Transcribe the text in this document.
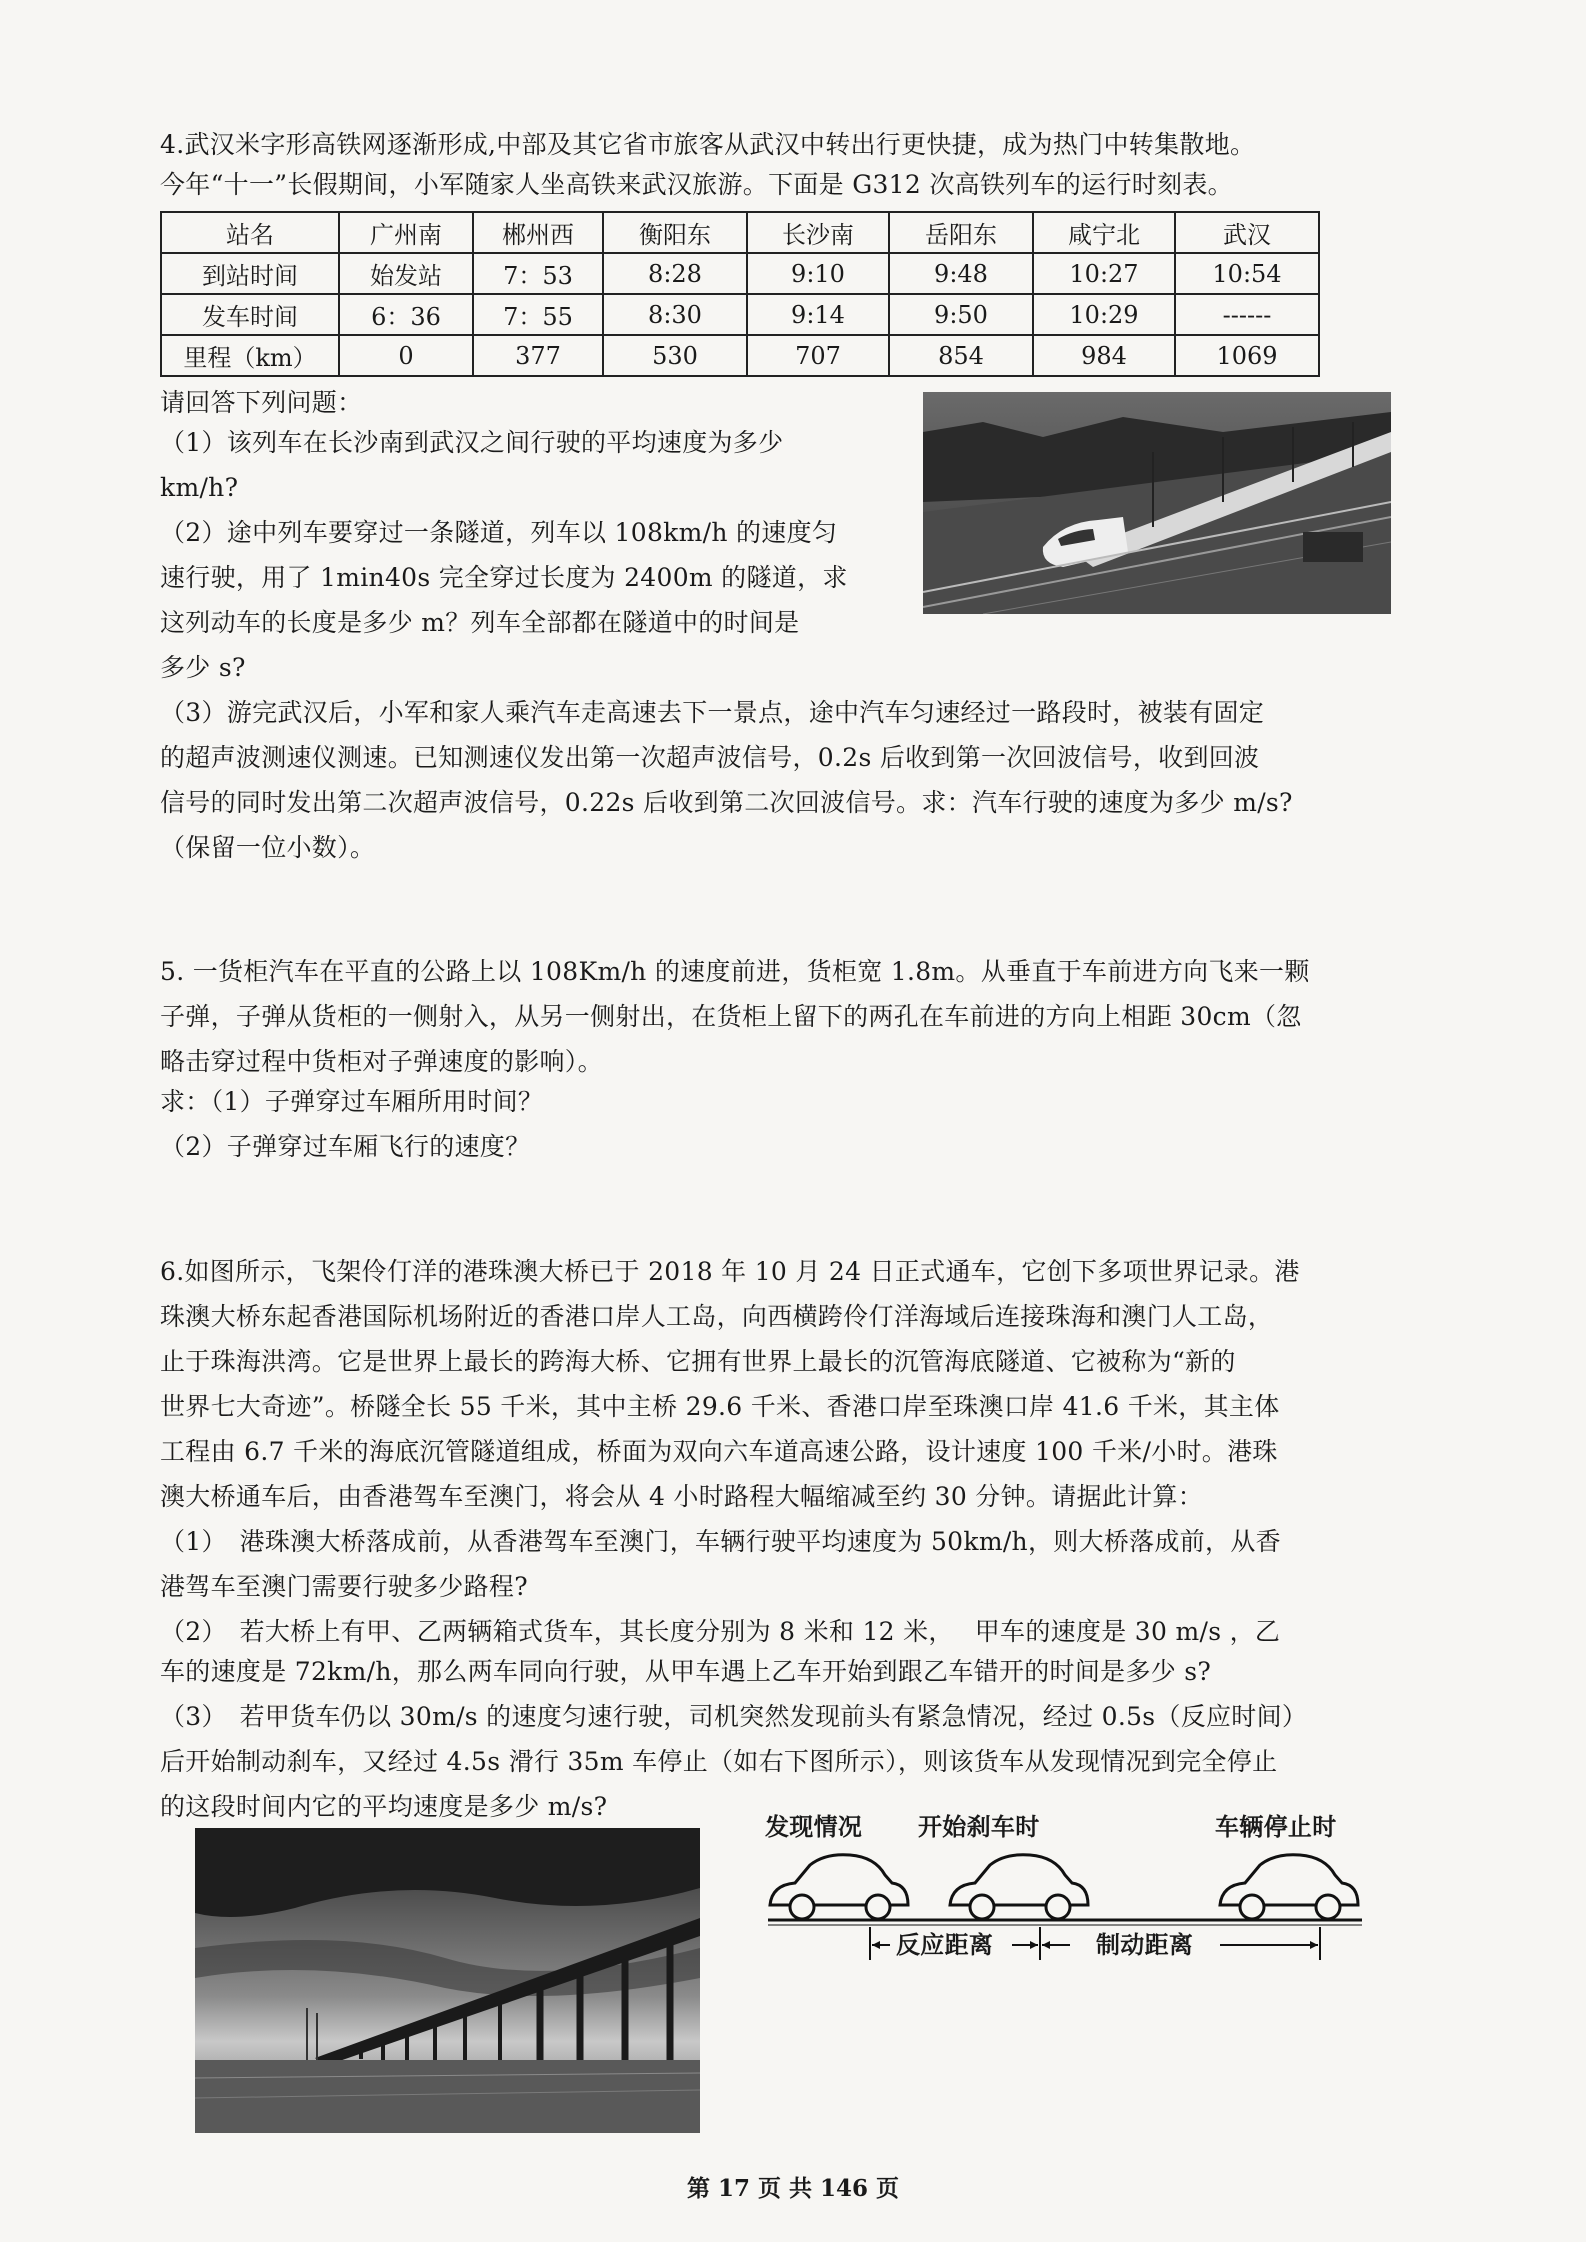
4.武汉米字形高铁网逐渐形成,中部及其它省市旅客从武汉中转出行更快捷，成为热门中转集散地。
今年“十一”长假期间，小军随家人坐高铁来武汉旅游。下面是 G312 次高铁列车的运行时刻表。
站名	广州南	郴州西	衡阳东	长沙南	岳阳东	咸宁北	武汉
到站时间	始发站	7：53	8:28	9:10	9:48	10:27	10:54
发车时间	6：36	7：55	8:30	9:14	9:50	10:29	------
里程（km）	0	377	530	707	854	984	1069
请回答下列问题：
（1）该列车在长沙南到武汉之间行驶的平均速度为多少
km/h?
（2）途中列车要穿过一条隧道，列车以 108km/h 的速度匀
速行驶，用了 1min40s 完全穿过长度为 2400m 的隧道，求
这列动车的长度是多少 m？列车全部都在隧道中的时间是
多少 s?
（3）游完武汉后，小军和家人乘汽车走高速去下一景点，途中汽车匀速经过一路段时，被装有固定
的超声波测速仪测速。已知测速仪发出第一次超声波信号，0.2s 后收到第一次回波信号，收到回波
信号的同时发出第二次超声波信号，0.22s 后收到第二次回波信号。求：汽车行驶的速度为多少 m/s?
（保留一位小数）。
5. 一货柜汽车在平直的公路上以 108Km/h 的速度前进，货柜宽 1.8m。从垂直于车前进方向飞来一颗
子弹，子弹从货柜的一侧射入，从另一侧射出，在货柜上留下的两孔在车前进的方向上相距 30cm（忽
略击穿过程中货柜对子弹速度的影响）。
求：（1）子弹穿过车厢所用时间？
（2）子弹穿过车厢飞行的速度？
6.如图所示，飞架伶仃洋的港珠澳大桥已于 2018 年 10 月 24 日正式通车，它创下多项世界记录。港
珠澳大桥东起香港国际机场附近的香港口岸人工岛，向西横跨伶仃洋海域后连接珠海和澳门人工岛，
止于珠海洪湾。它是世界上最长的跨海大桥、它拥有世界上最长的沉管海底隧道、它被称为“新的
世界七大奇迹”。桥隧全长 55 千米，其中主桥 29.6 千米、香港口岸至珠澳口岸 41.6 千米，其主体
工程由 6.7 千米的海底沉管隧道组成，桥面为双向六车道高速公路，设计速度 100 千米/小时。港珠
澳大桥通车后，由香港驾车至澳门，将会从 4 小时路程大幅缩减至约 30 分钟。请据此计算：
（1）　港珠澳大桥落成前，从香港驾车至澳门，车辆行驶平均速度为 50km/h，则大桥落成前，从香
港驾车至澳门需要行驶多少路程?
（2）　若大桥上有甲、乙两辆箱式货车，其长度分别为 8 米和 12 米，　 甲车的速度是 30 m/s ，乙
车的速度是 72km/h，那么两车同向行驶，从甲车遇上乙车开始到跟乙车错开的时间是多少 s?
（3）　若甲货车仍以 30m/s 的速度匀速行驶，司机突然发现前头有紧急情况，经过 0.5s（反应时间）
后开始制动刹车，又经过 4.5s 滑行 35m 车停止（如右下图所示），则该货车从发现情况到完全停止
的这段时间内它的平均速度是多少 m/s?
发现情况 开始刹车时	车辆停止时
反应距离	制动距离
第 17 页 共 146 页
